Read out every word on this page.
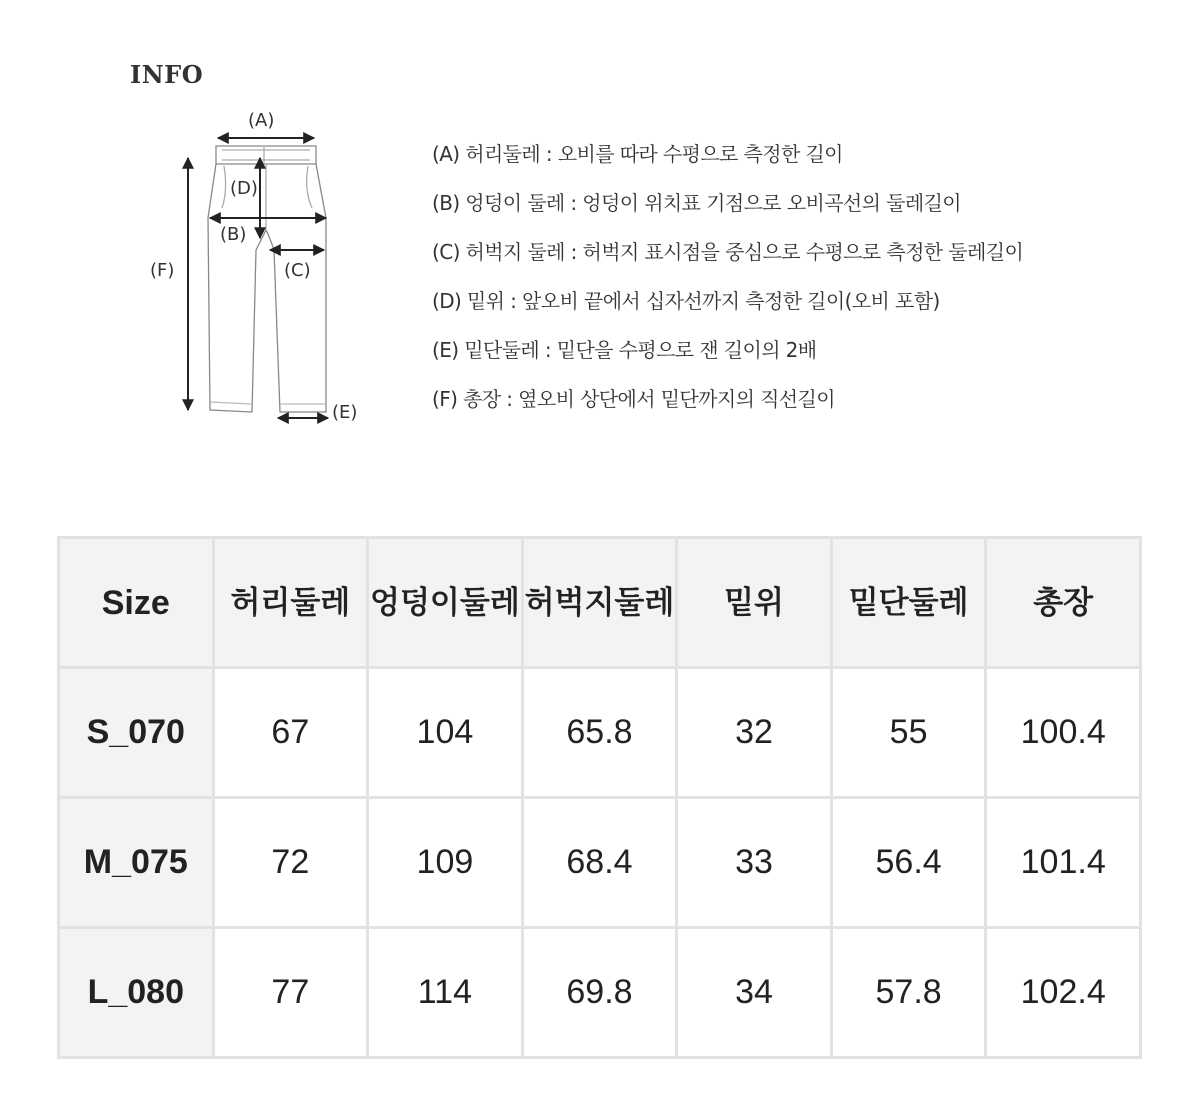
INFO
(A)
(D)
(B)
(C)
(F)
(E)
(A) 허리둘레 : 오비를 따라 수평으로 측정한 길이
(B) 엉덩이 둘레 : 엉덩이 위치표 기점으로 오비곡선의 둘레길이
(C) 허벅지 둘레 : 허벅지 표시점을 중심으로 수평으로 측정한 둘레길이
(D) 밑위 : 앞오비 끝에서 십자선까지 측정한 길이(오비 포함)
(E) 밑단둘레 : 밑단을 수평으로 잰 길이의 2배
(F) 총장 : 옆오비 상단에서 밑단까지의 직선길이
Size	허리둘레	엉덩이둘레	허벅지둘레	밑위	밑단둘레	총장
S_070	67	104	65.8	32	55	100.4
M_075	72	109	68.4	33	56.4	101.4
L_080	77	114	69.8	34	57.8	102.4
